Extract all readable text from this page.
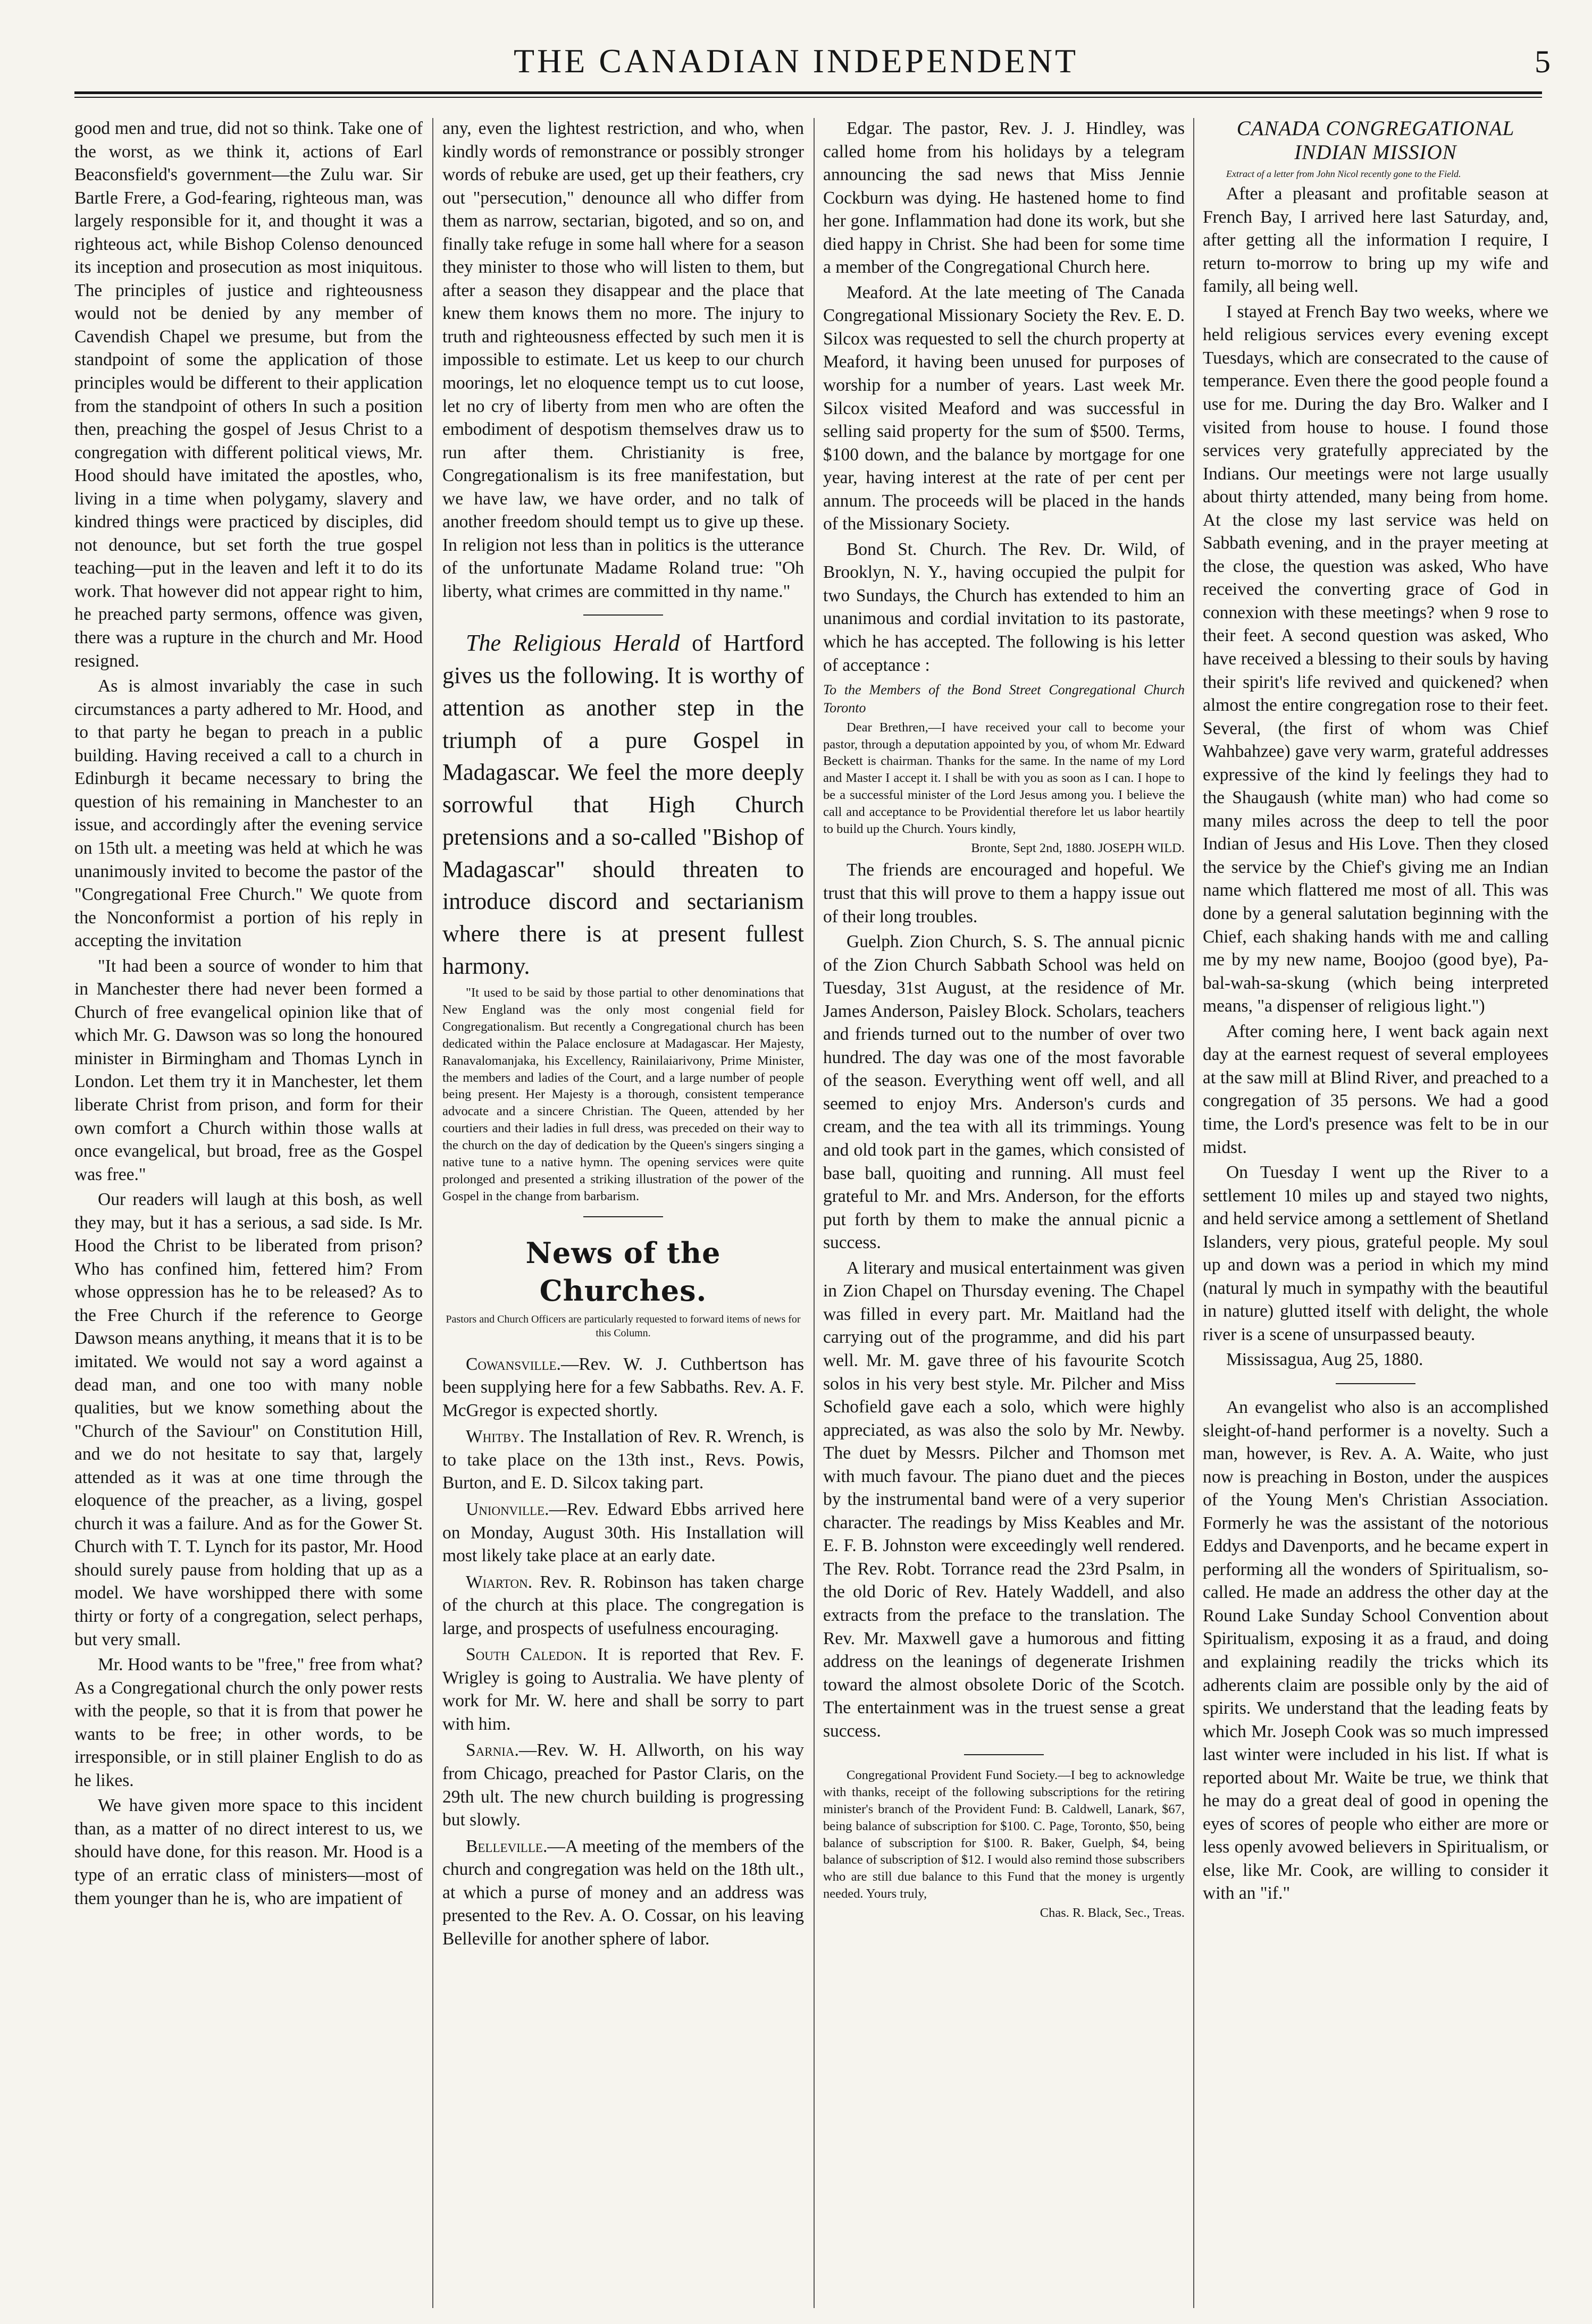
THE CANADIAN INDEPENDENT	5

good men and true, did not so think. Take one of the worst, as we think it, actions of Earl Beaconsfield's government—the Zulu war. Sir Bartle Frere, a God-fearing, righteous man, was largely responsible for it, and thought it was a righteous act, while Bishop Colenso denounced its inception and prosecution as most iniquitous. The principles of justice and righteousness would not be denied by any member of Cavendish Chapel we presume, but from the standpoint of some the application of those principles would be different to their application from the standpoint of others In such a position then, preaching the gospel of Jesus Christ to a congregation with different political views, Mr. Hood should have imitated the apostles, who, living in a time when polygamy, slavery and kindred things were practiced by disciples, did not denounce, but set forth the true gospel teaching—put in the leaven and left it to do its work. That however did not appear right to him, he preached party sermons, offence was given, there was a rupture in the church and Mr. Hood resigned.

As is almost invariably the case in such circumstances a party adhered to Mr. Hood, and to that party he began to preach in a public building. Having received a call to a church in Edinburgh it became necessary to bring the question of his remaining in Manchester to an issue, and accordingly after the evening service on 15th ult. a meeting was held at which he was unanimously invited to become the pastor of the "Congregational Free Church." We quote from the Nonconformist a portion of his reply in accepting the invitation

"It had been a source of wonder to him that in Manchester there had never been formed a Church of free evangelical opinion like that of which Mr. G. Dawson was so long the honoured minister in Birmingham and Thomas Lynch in London. Let them try it in Manchester, let them liberate Christ from prison, and form for their own comfort a Church within those walls at once evangelical, but broad, free as the Gospel was free."

Our readers will laugh at this bosh, as well they may, but it has a serious, a sad side. Is Mr. Hood the Christ to be liberated from prison? Who has confined him, fettered him? From whose oppression has he to be released? As to the Free Church if the reference to George Dawson means anything, it means that it is to be imitated. We would not say a word against a dead man, and one too with many noble qualities, but we know something about the "Church of the Saviour" on Constitution Hill, and we do not hesitate to say that, largely attended as it was at one time through the eloquence of the preacher, as a living, gospel church it was a failure. And as for the Gower St. Church with T. T. Lynch for its pastor, Mr. Hood should surely pause from holding that up as a model. We have worshipped there with some thirty or forty of a congregation, select perhaps, but very small.

Mr. Hood wants to be "free," free from what? As a Congregational church the only power rests with the people, so that it is from that power he wants to be free; in other words, to be irresponsible, or in still plainer English to do as he likes.

We have given more space to this incident than, as a matter of no direct interest to us, we should have done, for this reason. Mr. Hood is a type of an erratic class of ministers—most of them younger than he is, who are impatient of

any, even the lightest restriction, and who, when kindly words of remonstrance or possibly stronger words of rebuke are used, get up their feathers, cry out "persecution," denounce all who differ from them as narrow, sectarian, bigoted, and so on, and finally take refuge in some hall where for a season they minister to those who will listen to them, but after a season they disappear and the place that knew them knows them no more. The injury to truth and righteousness effected by such men it is impossible to estimate. Let us keep to our church moorings, let no eloquence tempt us to cut loose, let no cry of liberty from men who are often the embodiment of despotism themselves draw us to run after them. Christianity is free, Congregationalism is its free manifestation, but we have law, we have order, and no talk of another freedom should tempt us to give up these. In religion not less than in politics is the utterance of the unfortunate Madame Roland true: "Oh liberty, what crimes are committed in thy name."

The Religious Herald of Hartford gives us the following. It is worthy of attention as another step in the triumph of a pure Gospel in Madagascar. We feel the more deeply sorrowful that High Church pretensions and a so-called "Bishop of Madagascar" should threaten to introduce discord and sectarianism where there is at present fullest harmony.

"It used to be said by those partial to other denominations that New England was the only most congenial field for Congregationalism. But recently a Congregational church has been dedicated within the Palace enclosure at Madagascar. Her Majesty, Ranavalomanjaka, his Excellency, Rainilaiarivony, Prime Minister, the members and ladies of the Court, and a large number of people being present. Her Majesty is a thorough, consistent temperance advocate and a sincere Christian. The Queen, attended by her courtiers and their ladies in full dress, was preceded on their way to the church on the day of dedication by the Queen's singers singing a native tune to a native hymn. The opening services were quite prolonged and presented a striking illustration of the power of the Gospel in the change from barbarism.

News of the Churches.
Pastors and Church Officers are particularly requested to forward items of news for this Column.

Cowansville.—Rev. W. J. Cuthbertson has been supplying here for a few Sabbaths. Rev. A. F. McGregor is expected shortly.

Whitby. The Installation of Rev. R. Wrench, is to take place on the 13th inst., Revs. Powis, Burton, and E. D. Silcox taking part.

Unionville.—Rev. Edward Ebbs arrived here on Monday, August 30th. His Installation will most likely take place at an early date.

Wiarton. Rev. R. Robinson has taken charge of the church at this place. The congregation is large, and prospects of usefulness encouraging.

South Caledon. It is reported that Rev. F. Wrigley is going to Australia. We have plenty of work for Mr. W. here and shall be sorry to part with him.

Sarnia.—Rev. W. H. Allworth, on his way from Chicago, preached for Pastor Claris, on the 29th ult. The new church building is progressing but slowly.

Belleville.—A meeting of the members of the church and congregation was held on the 18th ult., at which a purse of money and an address was presented to the Rev. A. O. Cossar, on his leaving Belleville for another sphere of labor.

Edgar. The pastor, Rev. J. J. Hindley, was called home from his holidays by a telegram announcing the sad news that Miss Jennie Cockburn was dying. He hastened home to find her gone. Inflammation had done its work, but she died happy in Christ. She had been for some time a member of the Congregational Church here.

Meaford. At the late meeting of The Canada Congregational Missionary Society the Rev. E. D. Silcox was requested to sell the church property at Meaford, it having been unused for purposes of worship for a number of years. Last week Mr. Silcox visited Meaford and was successful in selling said property for the sum of $500. Terms, $100 down, and the balance by mortgage for one year, having interest at the rate of per cent per annum. The proceeds will be placed in the hands of the Missionary Society.

Bond St. Church. The Rev. Dr. Wild, of Brooklyn, N. Y., having occupied the pulpit for two Sundays, the Church has extended to him an unanimous and cordial invitation to its pastorate, which he has accepted. The following is his letter of acceptance :

To the Members of the Bond Street Congregational Church Toronto

Dear Brethren,—I have received your call to become your pastor, through a deputation appointed by you, of whom Mr. Edward Beckett is chairman. Thanks for the same. In the name of my Lord and Master I accept it. I shall be with you as soon as I can. I hope to be a successful minister of the Lord Jesus among you. I believe the call and acceptance to be Providential therefore let us labor heartily to build up the Church. Yours kindly,

Bronte, Sept 2nd, 1880. JOSEPH WILD.

The friends are encouraged and hopeful. We trust that this will prove to them a happy issue out of their long troubles.

Guelph. Zion Church, S. S. The annual picnic of the Zion Church Sabbath School was held on Tuesday, 31st August, at the residence of Mr. James Anderson, Paisley Block. Scholars, teachers and friends turned out to the number of over two hundred. The day was one of the most favorable of the season. Everything went off well, and all seemed to enjoy Mrs. Anderson's curds and cream, and the tea with all its trimmings. Young and old took part in the games, which consisted of base ball, quoiting and running. All must feel grateful to Mr. and Mrs. Anderson, for the efforts put forth by them to make the annual picnic a success.

A literary and musical entertainment was given in Zion Chapel on Thursday evening. The Chapel was filled in every part. Mr. Maitland had the carrying out of the programme, and did his part well. Mr. M. gave three of his favourite Scotch solos in his very best style. Mr. Pilcher and Miss Schofield gave each a solo, which were highly appreciated, as was also the solo by Mr. Newby. The duet by Messrs. Pilcher and Thomson met with much favour. The piano duet and the pieces by the instrumental band were of a very superior character. The readings by Miss Keables and Mr. E. F. B. Johnston were exceedingly well rendered. The Rev. Robt. Torrance read the 23rd Psalm, in the old Doric of Rev. Hately Waddell, and also extracts from the preface to the translation. The Rev. Mr. Maxwell gave a humorous and fitting address on the leanings of degenerate Irishmen toward the almost obsolete Doric of the Scotch. The entertainment was in the truest sense a great success.

Congregational Provident Fund Society.—I beg to acknowledge with thanks, receipt of the following subscriptions for the retiring minister's branch of the Provident Fund: B. Caldwell, Lanark, $67, being balance of subscription for $100. C. Page, Toronto, $50, being balance of subscription for $100. R. Baker, Guelph, $4, being balance of subscription of $12. I would also remind those subscribers who are still due balance to this Fund that the money is urgently needed. Yours truly,

Chas. R. Black, Sec., Treas.

CANADA CONGREGATIONAL
INDIAN MISSION

Extract of a letter from John Nicol recently gone to the Field.

After a pleasant and profitable season at French Bay, I arrived here last Saturday, and, after getting all the information I require, I return to-morrow to bring up my wife and family, all being well.

I stayed at French Bay two weeks, where we held religious services every evening except Tuesdays, which are consecrated to the cause of temperance. Even there the good people found a use for me. During the day Bro. Walker and I visited from house to house. I found those services very gratefully appreciated by the Indians. Our meetings were not large usually about thirty attended, many being from home. At the close my last service was held on Sabbath evening, and in the prayer meeting at the close, the question was asked, Who have received the converting grace of God in connexion with these meetings? when 9 rose to their feet. A second question was asked, Who have received a blessing to their souls by having their spirit's life revived and quickened? when almost the entire congregation rose to their feet. Several, (the first of whom was Chief Wahbahzee) gave very warm, grateful addresses expressive of the kind ly feelings they had to the Shaugaush (white man) who had come so many miles across the deep to tell the poor Indian of Jesus and His Love. Then they closed the service by the Chief's giving me an Indian name which flattered me most of all. This was done by a general salutation beginning with the Chief, each shaking hands with me and calling me by my new name, Boojoo (good bye), Pa-bal-wah-sa-skung (which being interpreted means, "a dispenser of religious light.")

After coming here, I went back again next day at the earnest request of several employees at the saw mill at Blind River, and preached to a congregation of 35 persons. We had a good time, the Lord's presence was felt to be in our midst.

On Tuesday I went up the River to a settlement 10 miles up and stayed two nights, and held service among a settlement of Shetland Islanders, very pious, grateful people. My soul up and down was a period in which my mind (natural ly much in sympathy with the beautiful in nature) glutted itself with delight, the whole river is a scene of unsurpassed beauty.

Mississagua, Aug 25, 1880.

An evangelist who also is an accomplished sleight-of-hand performer is a novelty. Such a man, however, is Rev. A. A. Waite, who just now is preaching in Boston, under the auspices of the Young Men's Christian Association. Formerly he was the assistant of the notorious Eddys and Davenports, and he became expert in performing all the wonders of Spiritualism, so-called. He made an address the other day at the Round Lake Sunday School Convention about Spiritualism, exposing it as a fraud, and doing and explaining readily the tricks which its adherents claim are possible only by the aid of spirits. We understand that the leading feats by which Mr. Joseph Cook was so much impressed last winter were included in his list. If what is reported about Mr. Waite be true, we think that he may do a great deal of good in opening the eyes of scores of people who either are more or less openly avowed believers in Spiritualism, or else, like Mr. Cook, are willing to consider it with an "if."
